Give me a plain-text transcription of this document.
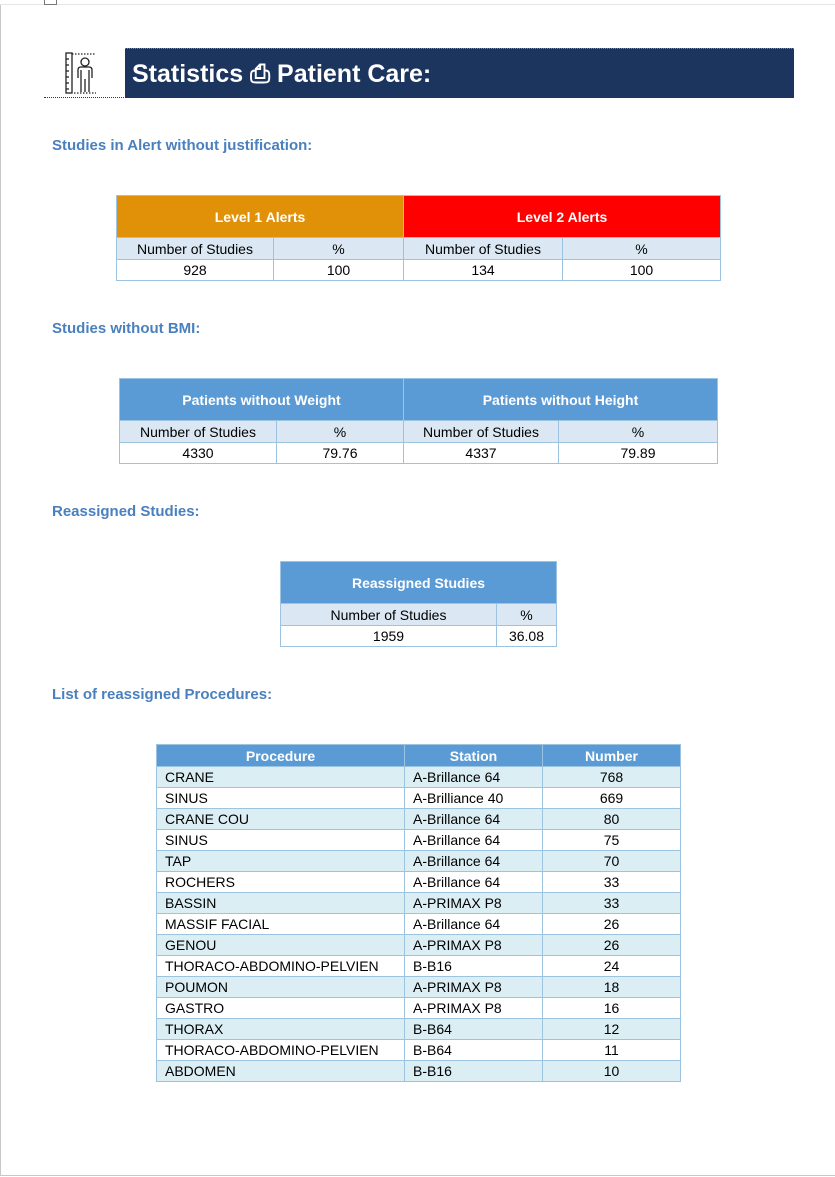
Statistics ⎙ Patient Care:
Studies in Alert without justification:
Level 1 Alerts		Level 2 Alerts	
Number of Studies	%	Number of Studies	%
928	100	134	100
Studies without BMI:
Patients without Weight		Patients without Height	
Number of Studies	%	Number of Studies	%
4330	79.76	4337	79.89
Reassigned Studies:
Reassigned Studies	
Number of Studies	%
1959	36.08
List of reassigned Procedures:
Procedure	Station	Number
CRANE	A-Brillance 64	768
SINUS	A-Brilliance 40	669
CRANE COU	A-Brillance 64	80
SINUS	A-Brillance 64	75
TAP	A-Brillance 64	70
ROCHERS	A-Brillance 64	33
BASSIN	A-PRIMAX P8	33
MASSIF FACIAL	A-Brillance 64	26
GENOU	A-PRIMAX P8	26
THORACO-ABDOMINO-PELVIEN	B-B16	24
POUMON	A-PRIMAX P8	18
GASTRO	A-PRIMAX P8	16
THORAX	B-B64	12
THORACO-ABDOMINO-PELVIEN	B-B64	11
ABDOMEN	B-B16	10
